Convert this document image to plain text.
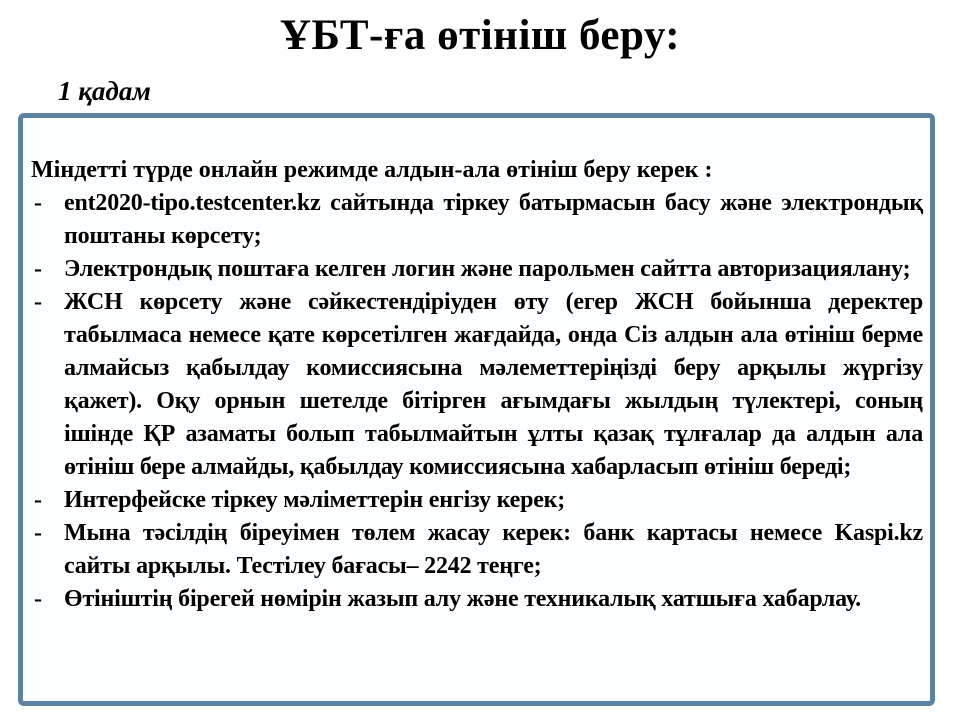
ҰБТ-ға өтініш беру:
1 қадам
Міндетті түрде онлайн режимде алдын-ала өтініш беру керек :
- ent2020-tipo.testcenter.kz сайтында тіркеу батырмасын басу және электрондық поштаны көрсету;
- Электрондық поштаға келген логин және парольмен сайтта авторизациялану;
- ЖСН көрсету және сәйкестендіріуден өту (егер ЖСН бойынша деректер табылмаса немесе қате көрсетілген жағдайда, онда Сіз алдын ала өтініш берме алмайсыз қабылдау комиссиясына мәлеметтеріңізді беру арқылы жүргізу қажет). Оқу орнын шетелде бітірген ағымдағы жылдың түлектері, соның ішінде ҚР азаматы болып табылмайтын ұлты қазақ тұлғалар да алдын ала өтініш бере алмайды, қабылдау комиссиясына хабарласып өтініш береді;
- Интерфейске тіркеу мәліметтерін енгізу керек;
- Мына тәсілдің біреуімен төлем жасау керек: банк картасы немесе Kaspi.kz сайты арқылы. Тестілеу бағасы– 2242 теңге;
- Өтініштің бірегей нөмірін жазып алу және техникалық хатшыға хабарлау.
